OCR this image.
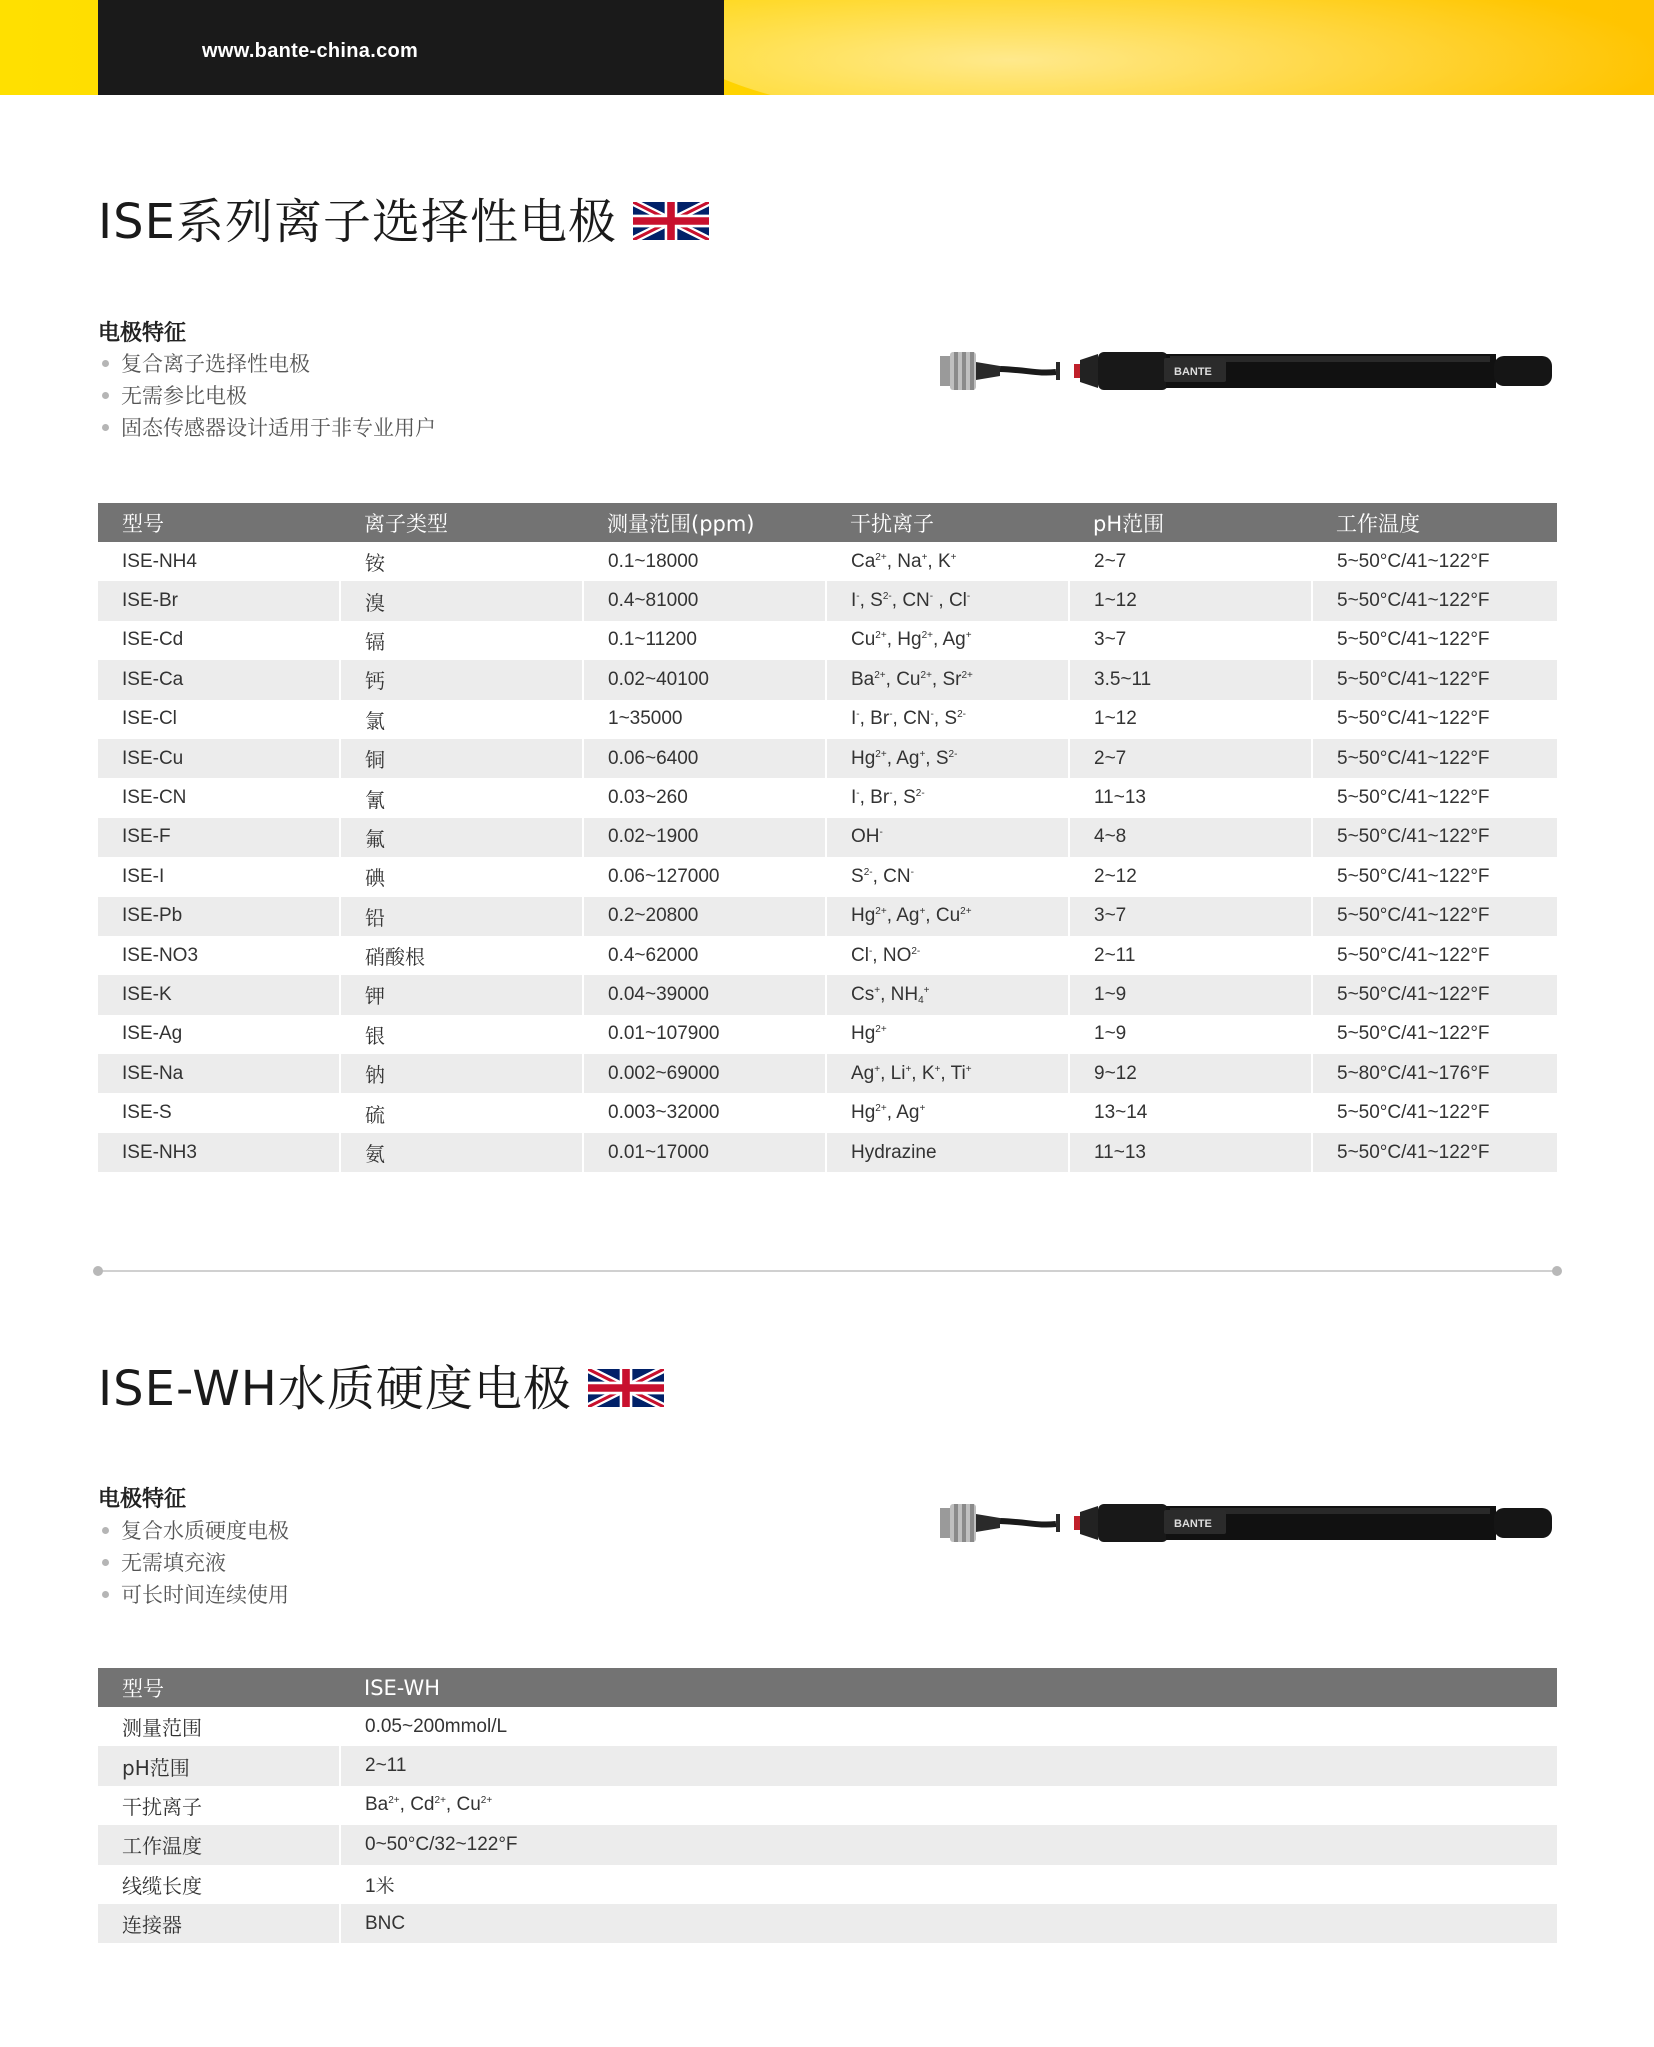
www.bante-china.com
ISE系列离子选择性电极
电极特征
复合离子选择性电极
无需参比电极
固态传感器设计适用于非专业用户
BANTE
型号	离子类型	测量范围(ppm)	干扰离子	pH范围	工作温度
ISE-NH4	铵	0.1~18000	$Ca^{2+}$, Na+, K+	2~7	5~50°C/41~122°F
ISE-Br	溴	0.4~81000	I-, $S^{2-}$, CN- , Cl-	1~12	5~50°C/41~122°F
ISE-Cd	镉	0.1~11200	$Cu^{2+}$, $Hg^{2+}$, Ag+	3~7	5~50°C/41~122°F
ISE-Ca	钙	0.02~40100	$Ba^{2+}$, $Cu^{2+}$, $Sr^{2+}$	3.5~11	5~50°C/41~122°F
ISE-Cl	氯	1~35000	I-, Br-, CN-, $S^{2-}$	1~12	5~50°C/41~122°F
ISE-Cu	铜	0.06~6400	$Hg^{2+}$, Ag+, $S^{2-}$	2~7	5~50°C/41~122°F
ISE-CN	氰	0.03~260	I-, Br-, $S^{2-}$	11~13	5~50°C/41~122°F
ISE-F	氟	0.02~1900	OH-	4~8	5~50°C/41~122°F
ISE-I	碘	0.06~127000	$S^{2-}$, CN-	2~12	5~50°C/41~122°F
ISE-Pb	铅	0.2~20800	$Hg^{2+}$, Ag+, $Cu^{2+}$	3~7	5~50°C/41~122°F
ISE-NO3	硝酸根	0.4~62000	Cl-, $NO^{2-}$	2~11	5~50°C/41~122°F
ISE-K	钾	0.04~39000	Cs+, $NH_4^+$	1~9	5~50°C/41~122°F
ISE-Ag	银	0.01~107900	$Hg^{2+}$	1~9	5~50°C/41~122°F
ISE-Na	钠	0.002~69000	Ag+, Li+, K+, Ti+	9~12	5~80°C/41~176°F
ISE-S	硫	0.003~32000	$Hg^{2+}$, Ag+	13~14	5~50°C/41~122°F
ISE-NH3	氨	0.01~17000	Hydrazine	11~13	5~50°C/41~122°F
ISE-WH水质硬度电极
电极特征
复合水质硬度电极
无需填充液
可长时间连续使用
BANTE
型号	ISE-WH
测量范围	0.05~200mmol/L
pH范围	2~11
干扰离子	$Ba^{2+}$, $Cd^{2+}$, $Cu^{2+}$
工作温度	0~50°C/32~122°F
线缆长度	1米
连接器	BNC
